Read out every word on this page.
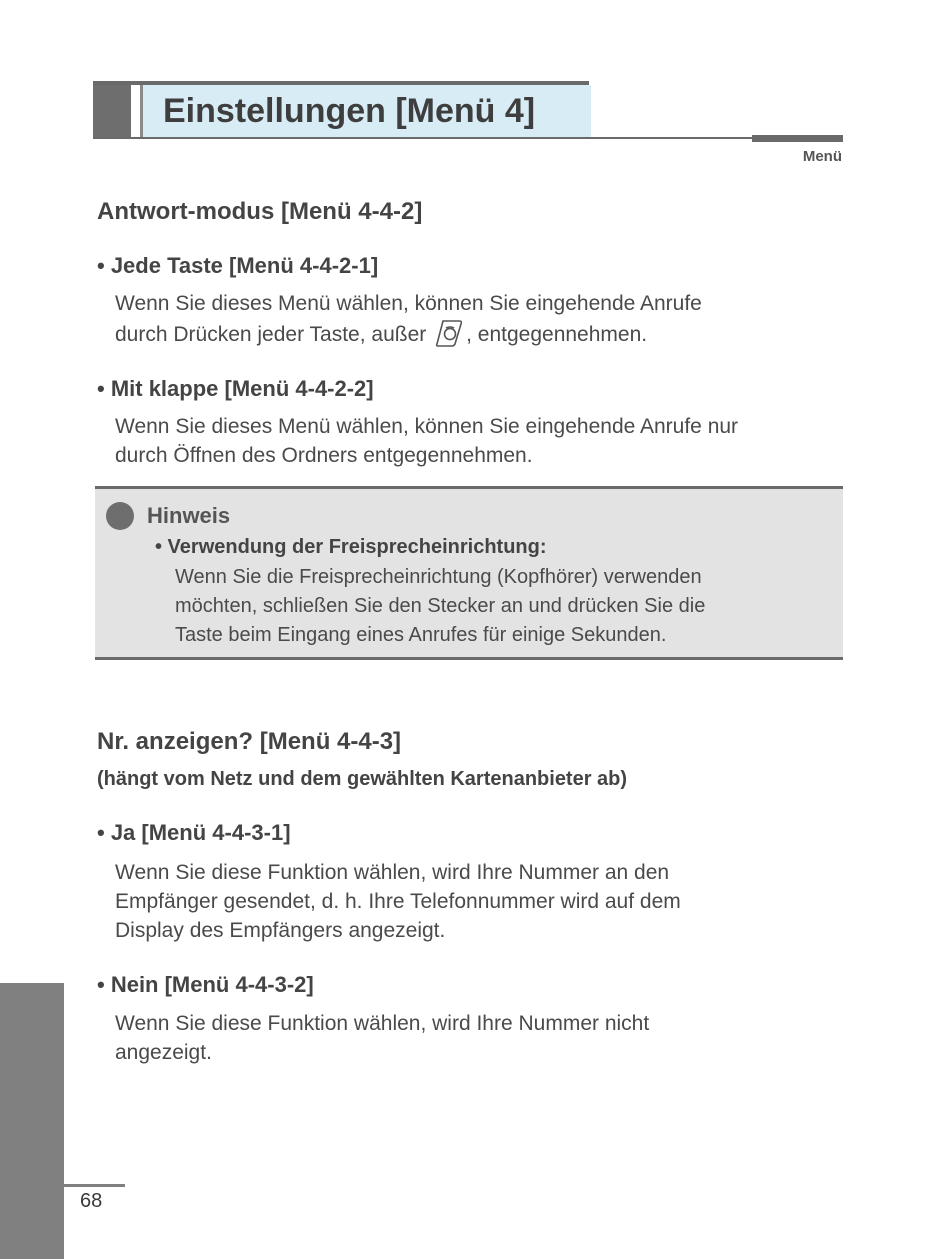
Einstellungen [Menü 4]
Menü
Antwort-modus [Menü 4-4-2]
• Jede Taste [Menü 4-4-2-1]
Wenn Sie dieses Menü wählen, können Sie eingehende Anrufe
durch Drücken jeder Taste, außer , entgegennehmen.
• Mit klappe [Menü 4-4-2-2]
Wenn Sie dieses Menü wählen, können Sie eingehende Anrufe nur
durch Öffnen des Ordners entgegennehmen.
Hinweis
• Verwendung der Freisprecheinrichtung:
Wenn Sie die Freisprecheinrichtung (Kopfhörer) verwenden
möchten, schließen Sie den Stecker an und drücken Sie die
Taste beim Eingang eines Anrufes für einige Sekunden.
Nr. anzeigen? [Menü 4-4-3]
(hängt vom Netz und dem gewählten Kartenanbieter ab)
• Ja [Menü 4-4-3-1]
Wenn Sie diese Funktion wählen, wird Ihre Nummer an den
Empfänger gesendet, d. h. Ihre Telefonnummer wird auf dem
Display des Empfängers angezeigt.
• Nein [Menü 4-4-3-2]
Wenn Sie diese Funktion wählen, wird Ihre Nummer nicht
angezeigt.
68
